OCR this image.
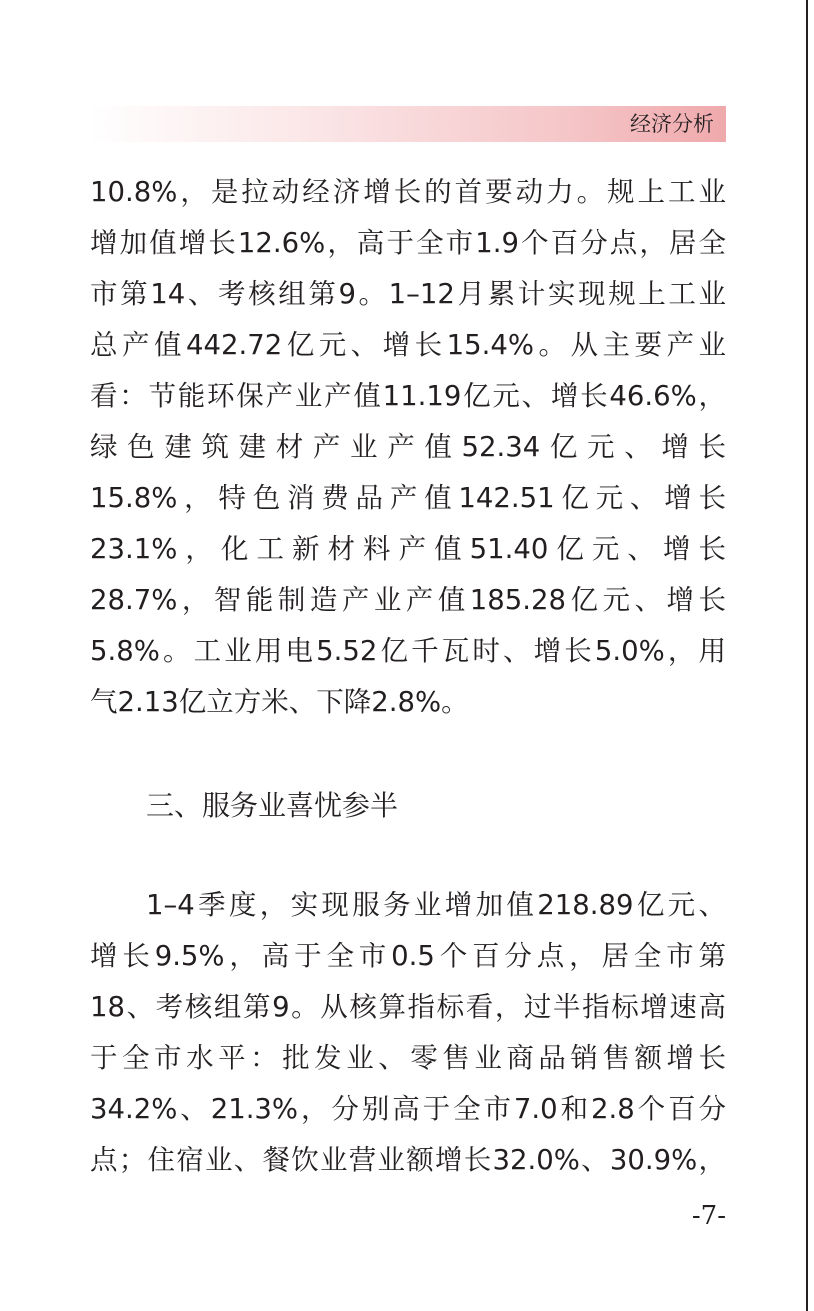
经济分析
10.8%，是拉动经济增长的首要动力。规上工业
增加值增长12.6%，高于全市1.9个百分点，居全
市第14、考核组第9。1–12月累计实现规上工业
总产值442.72亿元、增长15.4%。从主要产业
看：节能环保产业产值11.19亿元、增长46.6%，
绿色建筑建材产业产值52.34亿元、增长
15.8%，特色消费品产值142.51亿元、增长
23.1%，化工新材料产值51.40亿元、增长
28.7%，智能制造产业产值185.28亿元、增长
5.8%。工业用电5.52亿千瓦时、增长5.0%，用
气2.13亿立方米、下降2.8%。
三、服务业喜忧参半
1–4季度，实现服务业增加值218.89亿元、
增长9.5%，高于全市0.5个百分点，居全市第
18、考核组第9。从核算指标看，过半指标增速高
于全市水平：批发业、零售业商品销售额增长
34.2%、21.3%，分别高于全市7.0和2.8个百分
点；住宿业、餐饮业营业额增长32.0%、30.9%，
-7-
